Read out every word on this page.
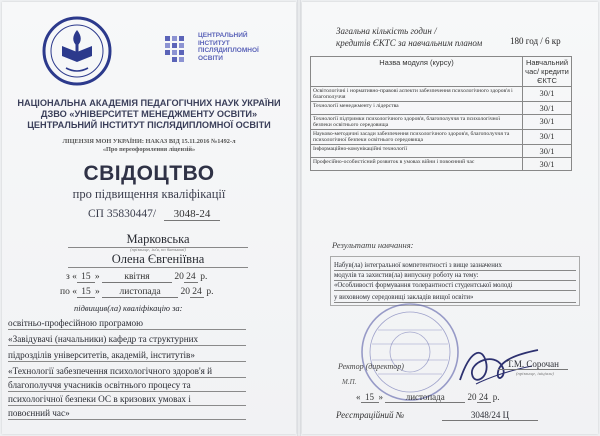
ЦЕНТРАЛЬНИЙ
ІНСТИТУТ
ПІСЛЯДИПЛОМНОЇ
ОСВІТИ
НАЦІОНАЛЬНА АКАДЕМІЯ ПЕДАГОГІЧНИХ НАУК УКРАЇНИ
ДЗВО «УНІВЕРСИТЕТ МЕНЕДЖМЕНТУ ОСВІТИ»
ЦЕНТРАЛЬНИЙ ІНСТИТУТ ПІСЛЯДИПЛОМНОЇ ОСВІТИ
ЛІЦЕНЗІЯ МОН УКРАЇНИ: НАКАЗ ВІД 15.11.2016 №1492-л
«Про переоформлення ліцензій»
СВІДОЦТВО
про підвищення кваліфікації
СП 35830447/	3048-24
Марковська
(прізвище, ім'я, по батькові)
Олена Євгеніївна
з « 15 » квітня	20 24 р.
по « 15 » листопада 20 24 р.
підвищив(ла) кваліфікацію за:
освітньо-професійною програмою
«Завідувачі (начальники) кафедр та структурних
підрозділів університетів, академій, інститутів»
«Технології забезпечення психологічного здоров'я й
благополуччя учасників освітнього процесу та
психологічної безпеки ОС в кризових умовах і
повоєнний час»
Загальна кількість годин /
кредитів ЄКТС за навчальним планом	180 год / 6 кр
Назва модуля (курсу)	Навчальний час/ кредити ЄКТС
Освітологічні і нормативно-правові аспекти забезпечення психологічного здоров'я і благополуччя	30/1
Технології менеджменту і лідерства	30/1
Технології підтримки психологічного здоров'я, благополуччя та психологічної безпеки освітнього середовища	30/1
Науково-методичні засади забезпечення психологічного здоров'я, благополуччя та психологічної безпеки освітнього середовища	30/1
Інформаційно-комунікаційні технології	30/1
Професійно-особистісний розвиток в умовах війни і повоєнний час	30/1
Результати навчання:
Набув(ла) інтегральної компетентності з вище зазначених
модулів та захистив(ла) випускну роботу на тему:
«Особливості формування толерантності студентської молоді
у виховному середовищі закладів вищої освіти»
Ректор (директор)	Т.М. Сорочан
(прізвище, ініціали)
М.П.
« 15 » листопада	20 24 р.
Реєстраційний №	3048/24 Ц
